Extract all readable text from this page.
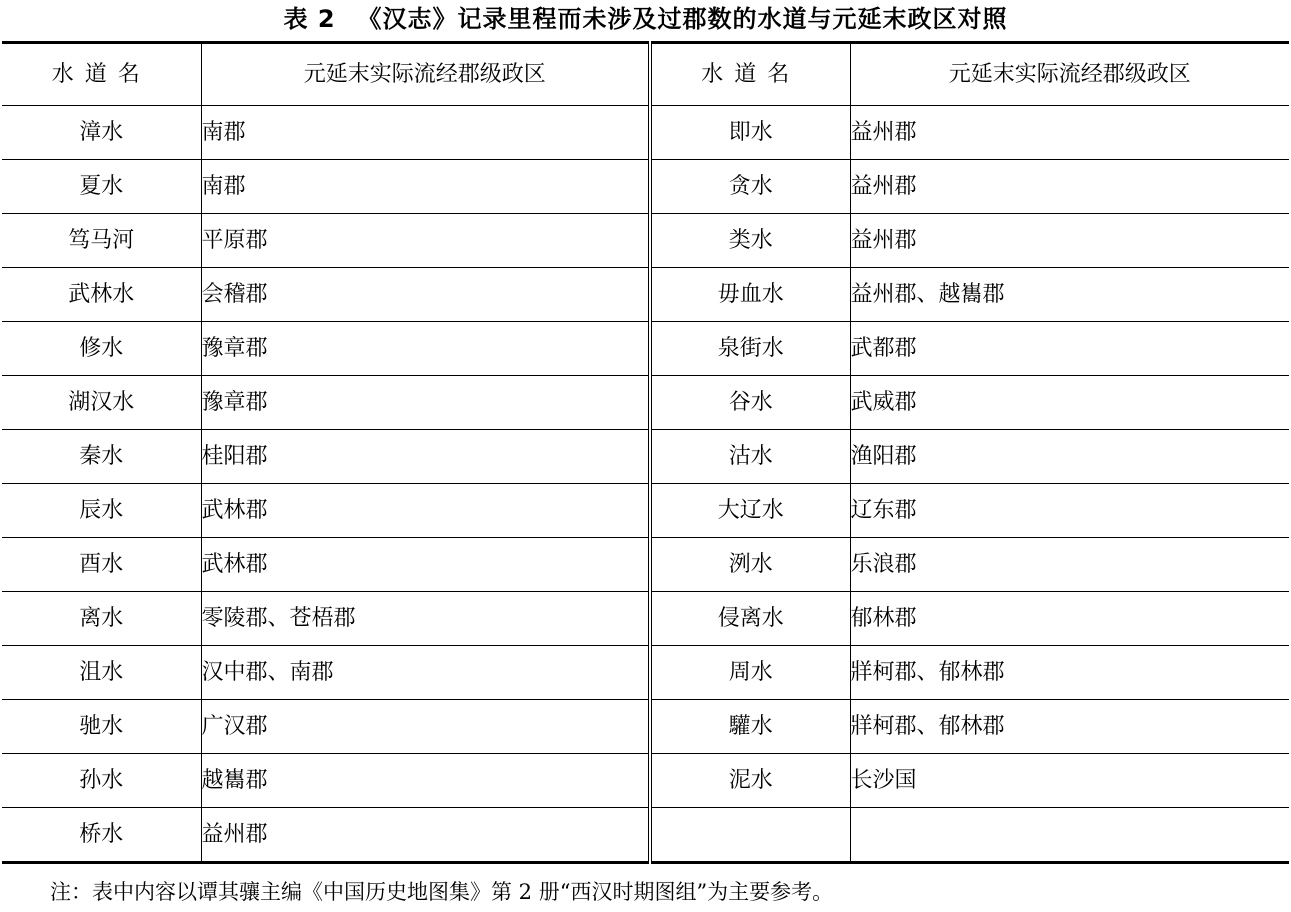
表 2 《汉志》记录里程而未涉及过郡数的水道与元延末政区对照
水道名	元延末实际流经郡级政区	水道名	元延末实际流经郡级政区
漳水	南郡	即水	益州郡
夏水	南郡	贪水	益州郡
笃马河	平原郡	类水	益州郡
武林水	会稽郡	毋血水	益州郡、越巂郡
修水	豫章郡	泉街水	武都郡
湖汉水	豫章郡	谷水	武威郡
秦水	桂阳郡	沽水	渔阳郡
辰水	武林郡	大辽水	辽东郡
酉水	武林郡	洌水	乐浪郡
离水	零陵郡、苍梧郡	侵离水	郁林郡
沮水	汉中郡、南郡	周水	牂柯郡、郁林郡
驰水	广汉郡	驩水	牂柯郡、郁林郡
孙水	越巂郡	泥水	长沙国
桥水	益州郡		
注：表中内容以谭其骧主编《中国历史地图集》第 2 册“西汉时期图组”为主要参考。
